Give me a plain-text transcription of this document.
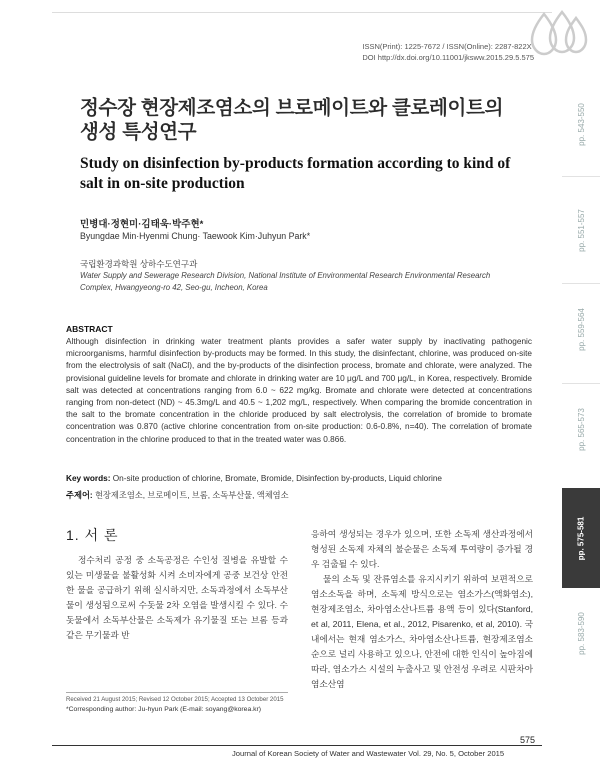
ISSN(Print): 1225-7672 / ISSN(Online): 2287-822X
DOI http://dx.doi.org/10.11001/jksww.2015.29.5.575
pp. 543-550
pp. 551-557
pp. 559-564
pp. 565-573
pp. 575-581
pp. 583-590
정수장 현장제조염소의 브로메이트와 클로레이트의 생성 특성연구
Study on disinfection by-products formation according to kind of salt in on-site production
민병대·정현미·김태욱·박주현*
Byungdae Min·Hyenmi Chung· Taewook Kim·Juhyun Park*
국립환경과학원 상하수도연구과
Water Supply and Sewerage Research Division, National Institute of Environmental Research Environmental Research Complex, Hwangyeong-ro 42, Seo-gu, Incheon, Korea
ABSTRACT
Although disinfection in drinking water treatment plants provides a safer water supply by inactivating pathogenic microorganisms, harmful disinfection by-products may be formed. In this study, the disinfectant, chlorine, was produced on-site from the electrolysis of salt (NaCl), and the by-products of the disinfection process, bromate and chlorate, were analyzed. The provisional guideline levels for bromate and chlorate in drinking water are 10 μg/L and 700 μg/L, in Korea, respectively. Bromide salt was detected at concentrations ranging from 6.0 ~ 622 mg/kg. Bromate and chlorate were detected at concentrations ranging from non-detect (ND) ~ 45.3mg/L and 40.5 ~ 1,202 mg/L, respectively. When comparing the bromide concentration in the salt to the bromate concentration in the chloride produced by salt electrolysis, the correlation of bromide to bromate concentration was 0.870 (active chlorine concentration from on-site production: 0.6-0.8%, n=40). The correlation of bromate concentration in the chlorine produced to that in the treated water was 0.866.
Key words: On-site production of chlorine, Bromate, Bromide, Disinfection by-products, Liquid chlorine
주제어: 현장제조염소, 브로메이트, 브롬, 소독부산물, 액체염소
1. 서 론
정수처리 공정 중 소독공정은 수인성 질병을 유발할 수 있는 미생물을 불활성화 시켜 소비자에게 공중 보건상 안전한 물을 공급하기 위해 실시하지만, 소독과정에서 소독부산물이 생성됨으로써 수돗물 2차 오염을 발생시킬 수 있다. 수돗물에서 소독부산물은 소독제가 유기물질 또는 브롬 등과 같은 무기물과 반
응하여 생성되는 경우가 있으며, 또한 소독제 생산과정에서 형성된 소독제 자체의 불순물은 소독제 투여량이 증가될 경우 검출될 수 있다.
물의 소독 및 잔류염소를 유지시키기 위하여 보편적으로 염소소독을 하며, 소독제 방식으로는 염소가스(액화염소), 현장제조염소, 차아염소산나트륨 용액 등이 있다(Stanford, et al, 2011, Elena, et al., 2012, Pisarenko, et al, 2010). 국내에서는 현재 염소가스, 차아염소산나트륨, 현장제조염소 순으로 널리 사용하고 있으나, 안전에 대한 인식이 높아짐에 따라, 염소가스 시설의 누출사고 및 안전성 우려로 시판차아염소산염
Received 21 August 2015; Revised 12 October 2015; Accepted 13 October 2015
*Corresponding author: Ju-hyun Park (E-mail: soyang@korea.kr)
575
Journal of Korean Society of Water and Wastewater Vol. 29, No. 5, October 2015
